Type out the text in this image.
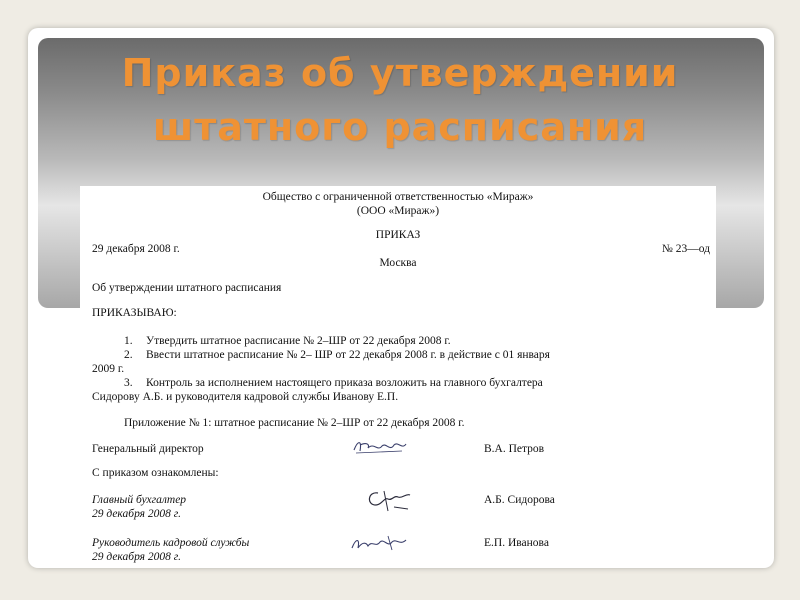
Приказ об утверждении
штатного расписания
Общество с ограниченной ответственностью «Мираж»
(ООО «Мираж»)
ПРИКАЗ
29 декабря 2008 г.	№ 23—од
Москва
Об утверждении штатного расписания
ПРИКАЗЫВАЮ:
1. Утвердить штатное расписание № 2–ШР от 22 декабря 2008 г.
2. Ввести штатное расписание № 2– ШР от 22 декабря 2008 г. в действие с 01 января
2009 г.
3. Контроль за исполнением настоящего приказа возложить на главного бухгалтера
Сидорову А.Б. и руководителя кадровой службы Иванову Е.П.
Приложение № 1: штатное расписание № 2–ШР от 22 декабря 2008 г.
Генеральный директор	В.А. Петров
С приказом ознакомлены:
Главный бухгалтер
29 декабря 2008 г.
А.Б. Сидорова
Руководитель кадровой службы
29 декабря 2008 г.
Е.П. Иванова
